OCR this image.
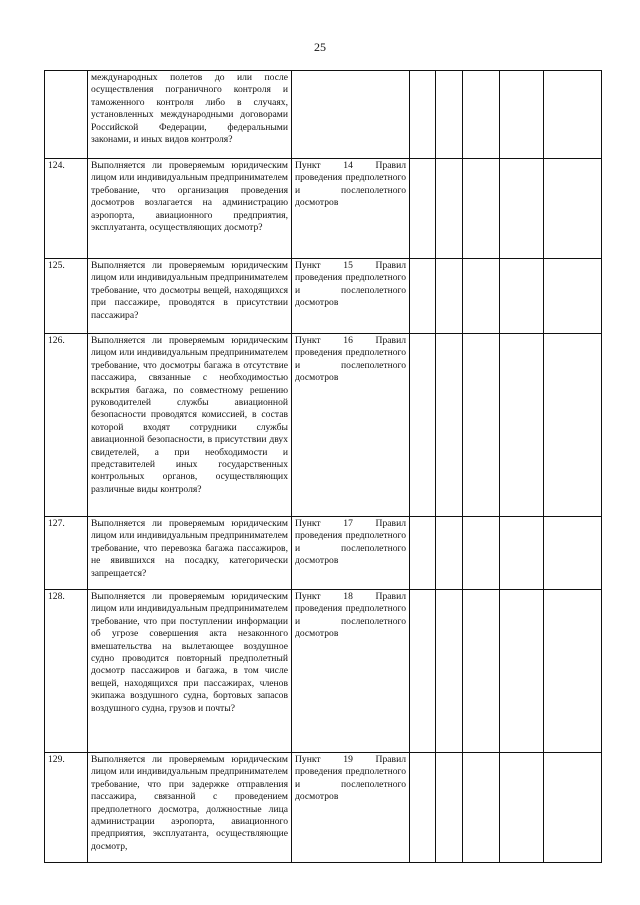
25
	международных полетов до или после осуществления пограничного контроля и таможенного контроля либо в случаях, установленных международными договорами Российской Федерации, федеральными законами, и иных видов контроля?						
124.	Выполняется ли проверяемым юридическим лицом или индивидуальным предпринимателем требование, что организация проведения досмотров возлагается на администрацию аэропорта, авиационного предприятия, эксплуатанта, осуществляющих досмотр?	Пункт 14 Правил проведения предполетного и послеполетного досмотров					
125.	Выполняется ли проверяемым юридическим лицом или индивидуальным предпринимателем требование, что досмотры вещей, находящихся при пассажире, проводятся в присутствии пассажира?	Пункт 15 Правил проведения предполетного и послеполетного досмотров					
126.	Выполняется ли проверяемым юридическим лицом или индивидуальным предпринимателем требование, что досмотры багажа в отсутствие пассажира, связанные с необходимостью вскрытия багажа, по совместному решению руководителей службы авиационной безопасности проводятся комиссией, в состав которой входят сотрудники службы авиационной безопасности, в присутствии двух свидетелей, а при необходимости и представителей иных государственных контрольных органов, осуществляющих различные виды контроля?	Пункт 16 Правил проведения предполетного и послеполетного досмотров					
127.	Выполняется ли проверяемым юридическим лицом или индивидуальным предпринимателем требование, что перевозка багажа пассажиров, не явившихся на посадку, категорически запрещается?	Пункт 17 Правил проведения предполетного и послеполетного досмотров					
128.	Выполняется ли проверяемым юридическим лицом или индивидуальным предпринимателем требование, что при поступлении информации об угрозе совершения акта незаконного вмешательства на вылетающее воздушное судно проводится повторный предполетный досмотр пассажиров и багажа, в том числе вещей, находящихся при пассажирах, членов экипажа воздушного судна, бортовых запасов воздушного судна, грузов и почты?	Пункт 18 Правил проведения предполетного и послеполетного досмотров					
129.	Выполняется ли проверяемым юридическим лицом или индивидуальным предпринимателем требование, что при задержке отправления пассажира, связанной с проведением предполетного досмотра, должностные лица администрации аэропорта, авиационного предприятия, эксплуатанта, осуществляющие досмотр,	Пункт 19 Правил проведения предполетного и послеполетного досмотров					
